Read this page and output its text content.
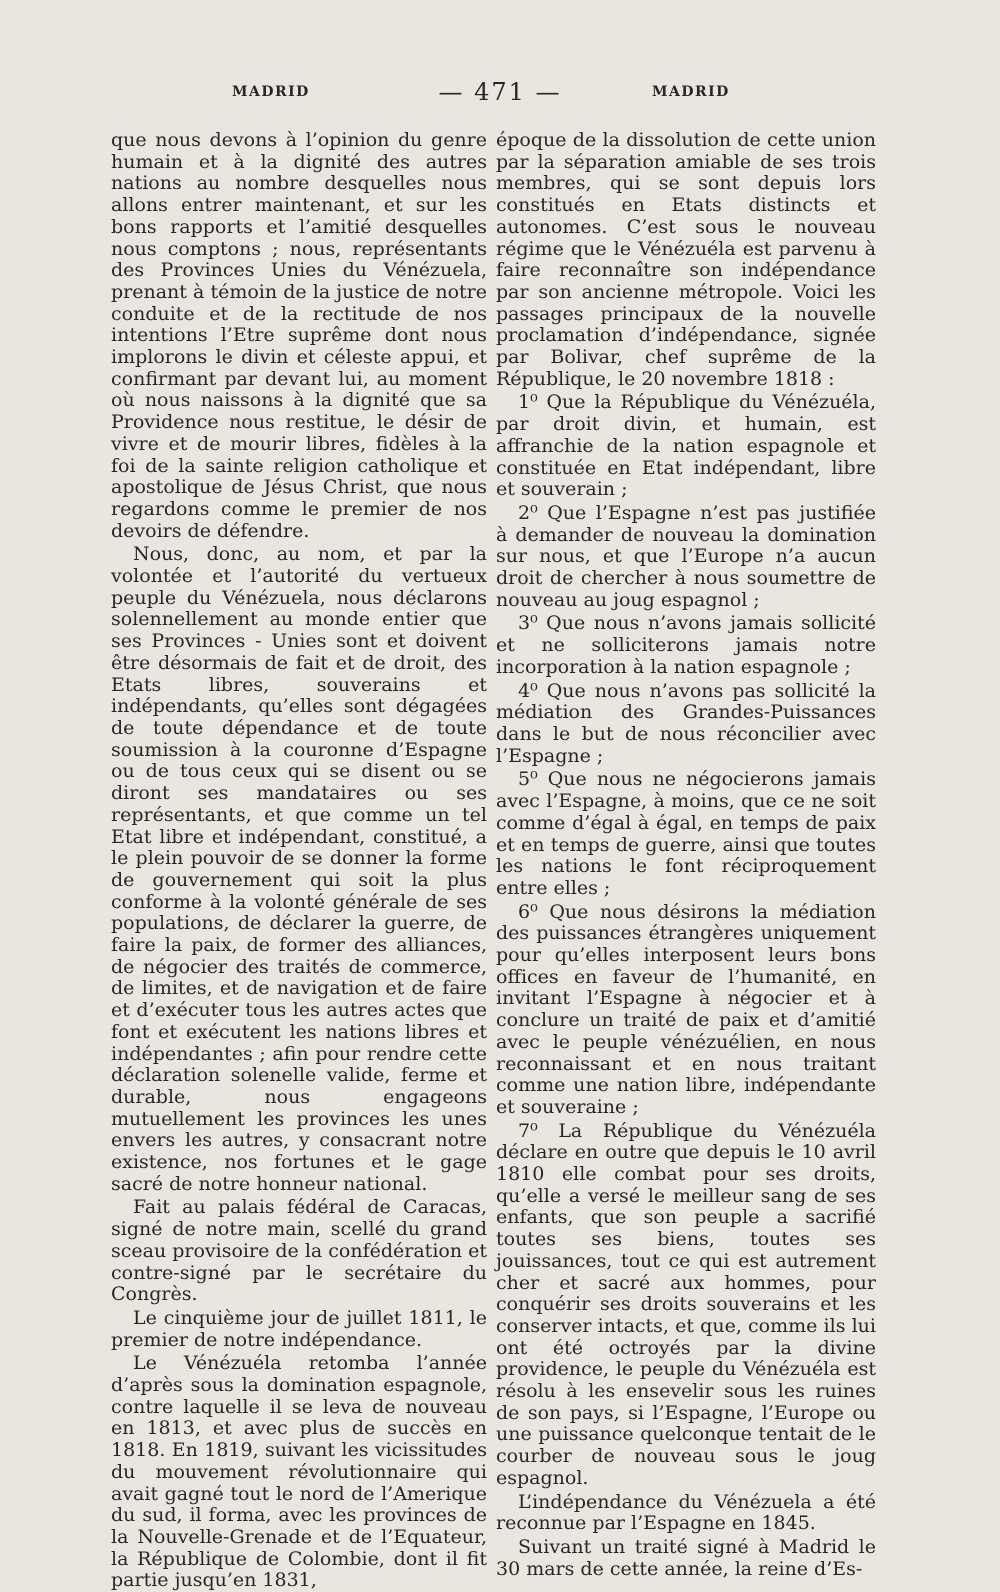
MADRID	— 471 —	MADRID

que nous devons à l’opinion du genre humain et à la dignité des autres nations au nombre desquelles nous allons entrer maintenant, et sur les bons rapports et l’amitié desquelles nous comptons ; nous, représentants des Provinces Unies du Vénézuela, prenant à témoin de la justice de notre conduite et de la rectitude de nos intentions l’Etre suprême dont nous implorons le divin et céleste appui, et confirmant par devant lui, au moment où nous naissons à la dignité que sa Providence nous restitue, le désir de vivre et de mourir libres, fidèles à la foi de la sainte religion catholique et apostolique de Jésus Christ, que nous regardons comme le premier de nos devoirs de défendre.

Nous, donc, au nom, et par la volontée et l’autorité du vertueux peuple du Vénézuela, nous déclarons solennellement au monde entier que ses Provinces - Unies sont et doivent être désormais de fait et de droit, des Etats libres, souverains et indépendants, qu’elles sont dégagées de toute dépendance et de toute soumission à la couronne d’Espagne ou de tous ceux qui se disent ou se diront ses mandataires ou ses représentants, et que comme un tel Etat libre et indépendant, constitué, a le plein pouvoir de se donner la forme de gouvernement qui soit la plus conforme à la volonté générale de ses populations, de déclarer la guerre, de faire la paix, de former des alliances, de négocier des traités de commerce, de limites, et de navigation et de faire et d’exécuter tous les autres actes que font et exécutent les nations libres et indépendantes ; afin pour rendre cette déclaration solenelle valide, ferme et durable, nous engageons mutuellement les provinces les unes envers les autres, y consacrant notre existence, nos fortunes et le gage sacré de notre honneur national.

Fait au palais fédéral de Caracas, signé de notre main, scellé du grand sceau provisoire de la confédération et contre-signé par le secrétaire du Congrès.

Le cinquième jour de juillet 1811, le premier de notre indépendance.

Le Vénézuéla retomba l’année d’après sous la domination espagnole, contre laquelle il se leva de nouveau en 1813, et avec plus de succès en 1818. En 1819, suivant les vicissitudes du mouvement révolutionnaire qui avait gagné tout le nord de l’Amerique du sud, il forma, avec les provinces de la Nouvelle-Grenade et de l’Equateur, la République de Colombie, dont il fit partie jusqu’en 1831,

époque de la dissolution de cette union par la séparation amiable de ses trois membres, qui se sont depuis lors constitués en Etats distincts et autonomes. C’est sous le nouveau régime que le Vénézuéla est parvenu à faire reconnaître son indépendance par son ancienne métropole. Voici les passages principaux de la nouvelle proclamation d’indépendance, signée par Bolivar, chef suprême de la République, le 20 novembre 1818 :

1⁰ Que la République du Vénézuéla, par droit divin, et humain, est affranchie de la nation espagnole et constituée en Etat indépendant, libre et souverain ;

2⁰ Que l’Espagne n’est pas justifiée à demander de nouveau la domination sur nous, et que l’Europe n’a aucun droit de chercher à nous soumettre de nouveau au joug espagnol ;

3⁰ Que nous n’avons jamais sollicité et ne solliciterons jamais notre incorporation à la nation espagnole ;

4⁰ Que nous n’avons pas sollicité la médiation des Grandes-Puissances dans le but de nous réconcilier avec l’Espagne ;

5⁰ Que nous ne négocierons jamais avec l’Espagne, à moins, que ce ne soit comme d’égal à égal, en temps de paix et en temps de guerre, ainsi que toutes les nations le font réciproquement entre elles ;

6⁰ Que nous désirons la médiation des puissances étrangères uniquement pour qu’elles interposent leurs bons offices en faveur de l’humanité, en invitant l’Espagne à négocier et à conclure un traité de paix et d’amitié avec le peuple vénézuélien, en nous reconnaissant et en nous traitant comme une nation libre, indépendante et souveraine ;

7⁰ La République du Vénézuéla déclare en outre que depuis le 10 avril 1810 elle combat pour ses droits, qu’elle a versé le meilleur sang de ses enfants, que son peuple a sacrifié toutes ses biens, toutes ses jouissances, tout ce qui est autrement cher et sacré aux hommes, pour conquérir ses droits souverains et les conserver intacts, et que, comme ils lui ont été octroyés par la divine providence, le peuple du Vénézuéla est résolu à les ensevelir sous les ruines de son pays, si l’Espagne, l’Europe ou une puissance quelconque tentait de le courber de nouveau sous le joug espagnol.

L’indépendance du Vénézuela a été reconnue par l’Espagne en 1845.

Suivant un traité signé à Madrid le 30 mars de cette année, la reine d’Es-
